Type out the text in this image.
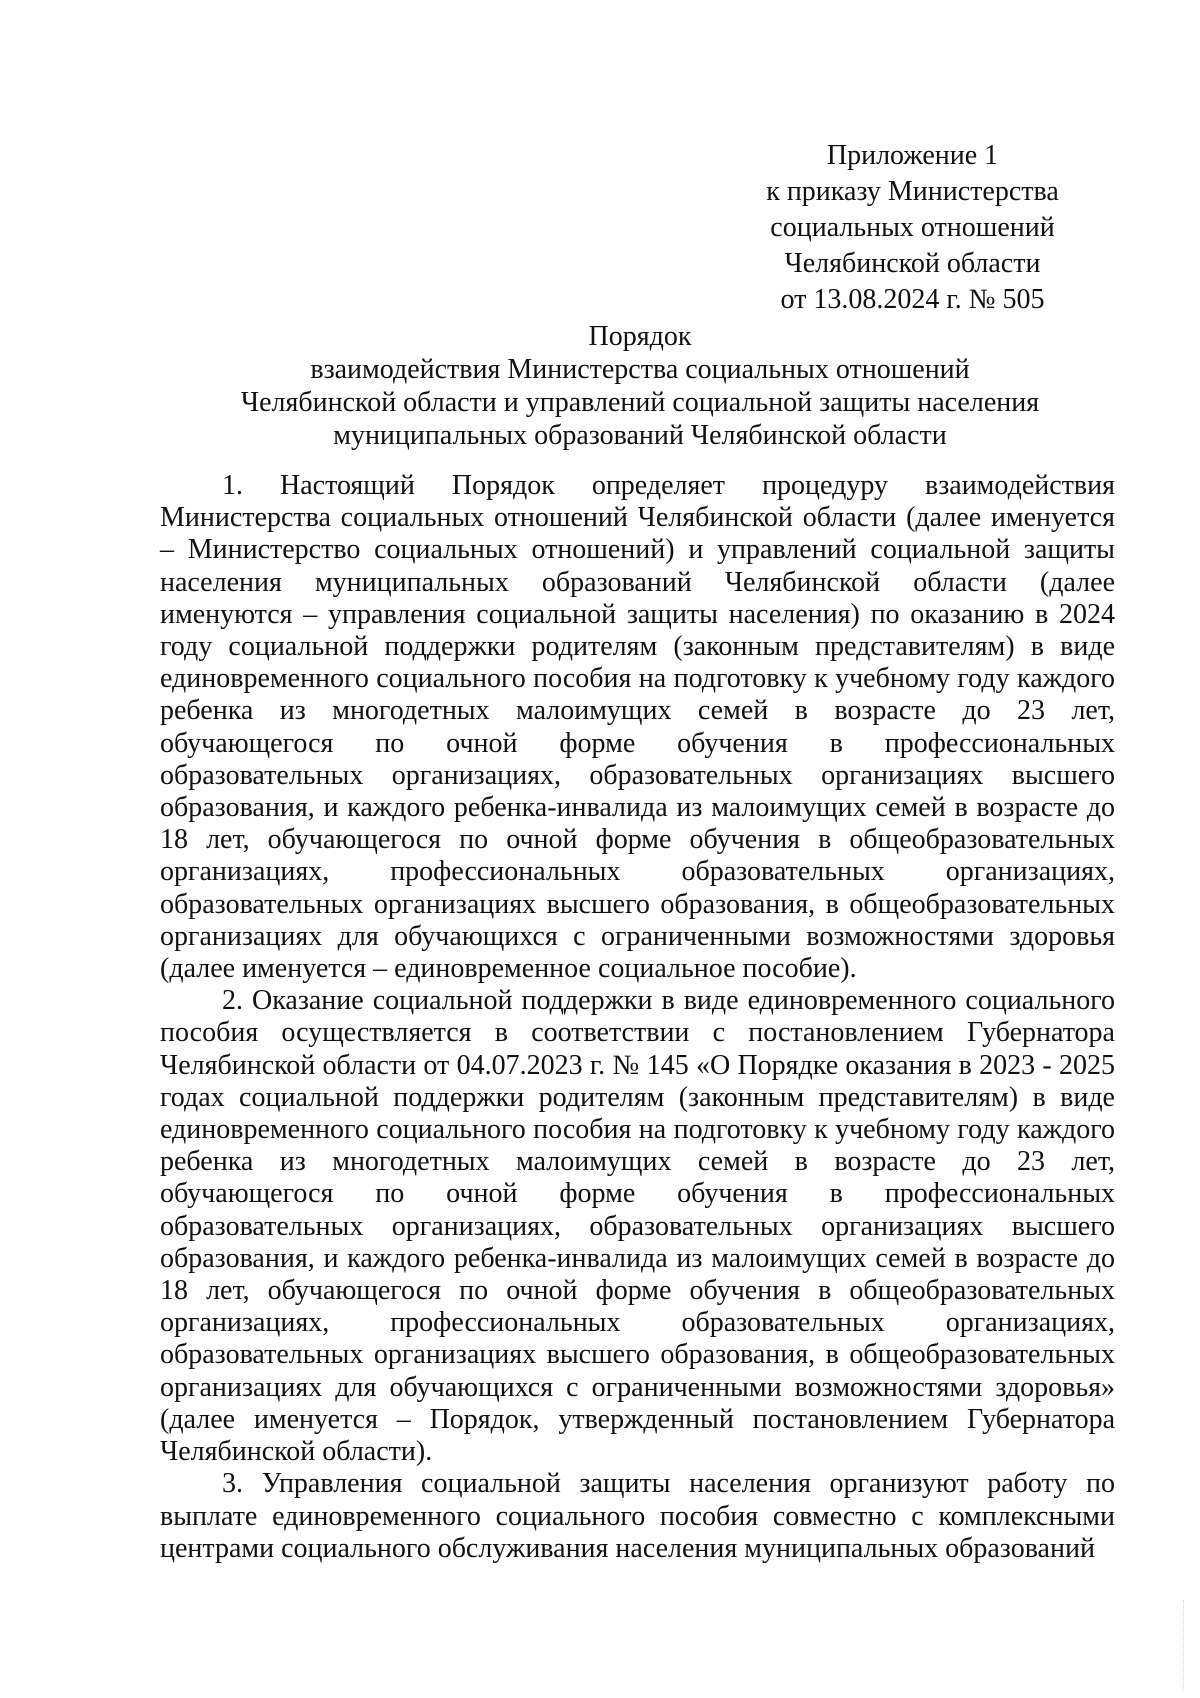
Приложение 1
к приказу Министерства
социальных отношений
Челябинской области
от 13.08.2024 г. № 505
Порядок
взаимодействия Министерства социальных отношений
Челябинской области и управлений социальной защиты населения
муниципальных образований Челябинской области

1. Настоящий Порядок определяет процедуру взаимодействия Министерства социальных отношений Челябинской области (далее именуется – Министерство социальных отношений) и управлений социальной защиты населения муниципальных образований Челябинской области (далее именуются – управления социальной защиты населения) по оказанию в 2024 году социальной поддержки родителям (законным представителям) в виде единовременного социального пособия на подготовку к учебному году каждого ребенка из многодетных малоимущих семей в возрасте до 23 лет, обучающегося по очной форме обучения в профессиональных образовательных организациях, образовательных организациях высшего образования, и каждого ребенка-инвалида из малоимущих семей в возрасте до 18 лет, обучающегося по очной форме обучения в общеобразовательных организациях, профессиональных образовательных организациях, образовательных организациях высшего образования, в общеобразовательных организациях для обучающихся с ограниченными возможностями здоровья (далее именуется – единовременное социальное пособие).

2. Оказание социальной поддержки в виде единовременного социального пособия осуществляется в соответствии с постановлением Губернатора Челябинской области от 04.07.2023 г. № 145 «О Порядке оказания в 2023 - 2025 годах социальной поддержки родителям (законным представителям) в виде единовременного социального пособия на подготовку к учебному году каждого ребенка из многодетных малоимущих семей в возрасте до 23 лет, обучающегося по очной форме обучения в профессиональных образовательных организациях, образовательных организациях высшего образования, и каждого ребенка-инвалида из малоимущих семей в возрасте до 18 лет, обучающегося по очной форме обучения в общеобразовательных организациях, профессиональных образовательных организациях, образовательных организациях высшего образования, в общеобразовательных организациях для обучающихся с ограниченными возможностями здоровья» (далее именуется – Порядок, утвержденный постановлением Губернатора Челябинской области).

3. Управления социальной защиты населения организуют работу по выплате единовременного социального пособия совместно с комплексными центрами социального обслуживания населения муниципальных образований
